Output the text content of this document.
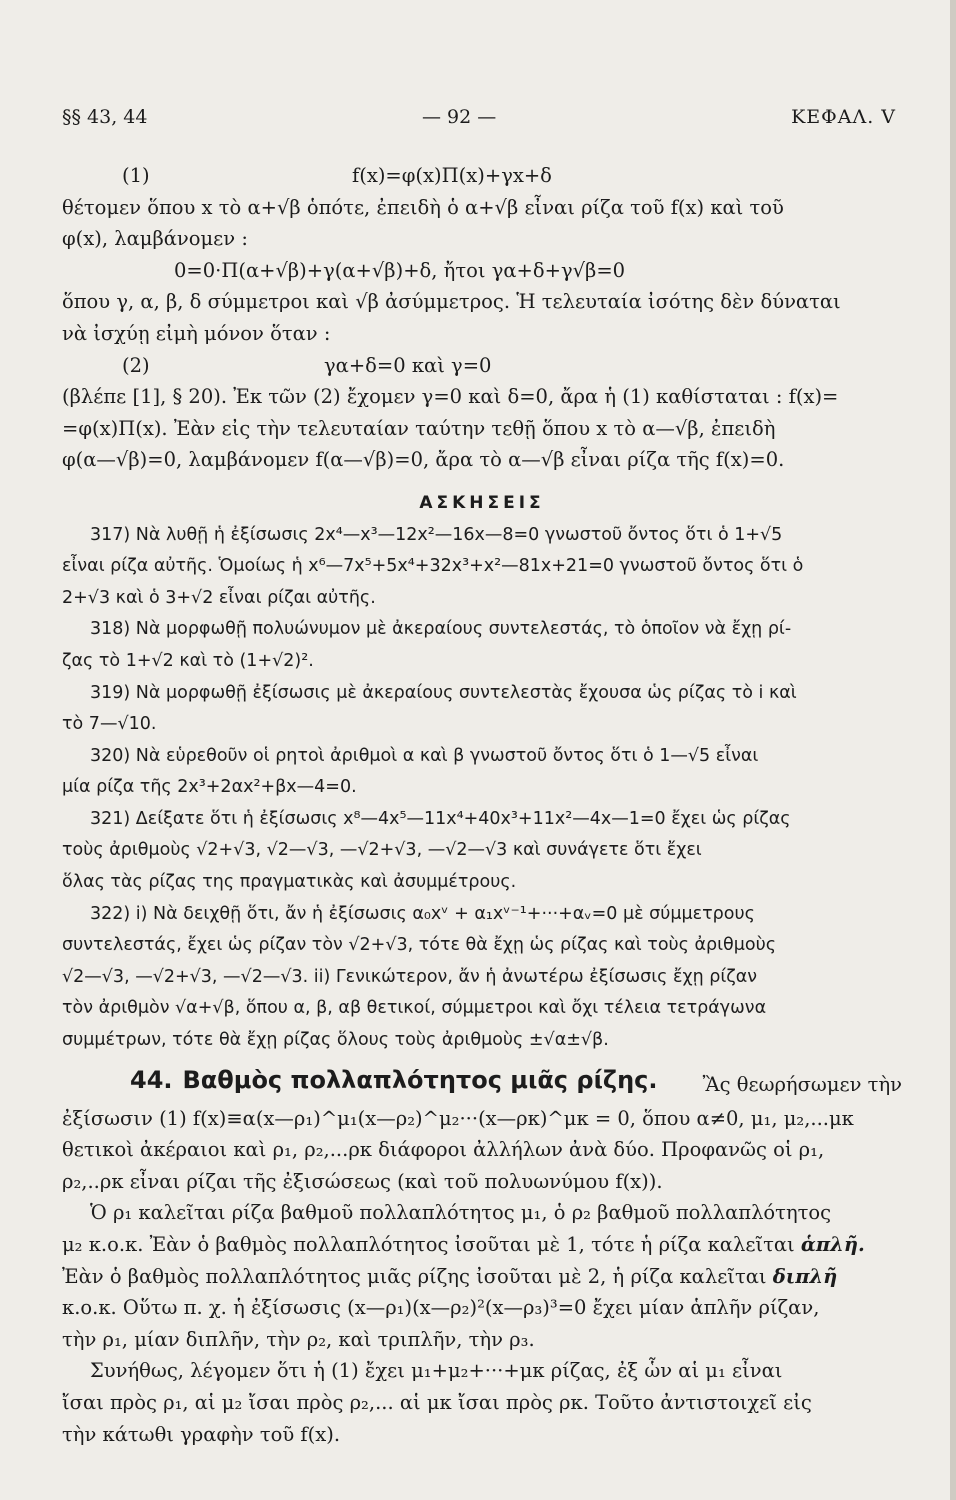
§§ 43, 44	— 92 —	ΚΕΦΑΛ. V
(1)	f(x)=φ(x)Π(x)+γx+δ
θέτομεν ὅπου x τὸ α+√β ὁπότε, ἐπειδὴ ὁ α+√β εἶναι ρίζα τοῦ f(x) καὶ τοῦ
φ(x), λαμβάνομεν :
0=0·Π(α+√β)+γ(α+√β)+δ, ἤτοι γα+δ+γ√β=0
ὅπου γ, α, β, δ σύμμετροι καὶ √β ἀσύμμετρος. Ἡ τελευταία ἰσότης δὲν δύναται
νὰ ἰσχύῃ εἰμὴ μόνον ὅταν :
(2)	γα+δ=0 καὶ γ=0
(βλέπε [1], § 20). Ἐκ τῶν (2) ἔχομεν γ=0 καὶ δ=0, ἄρα ἡ (1) καθίσταται : f(x)=
=φ(x)Π(x). Ἐὰν εἰς τὴν τελευταίαν ταύτην τεθῇ ὅπου x τὸ α—√β, ἐπειδὴ
φ(α—√β)=0, λαμβάνομεν f(α—√β)=0, ἄρα τὸ α—√β εἶναι ρίζα τῆς f(x)=0.
ΑΣΚΗΣΕΙΣ
317) Νὰ λυθῇ ἡ ἐξίσωσις 2x⁴—x³—12x²—16x—8=0 γνωστοῦ ὄντος ὅτι ὁ 1+√5
εἶναι ρίζα αὐτῆς. Ὁμοίως ἡ x⁶—7x⁵+5x⁴+32x³+x²—81x+21=0 γνωστοῦ ὄντος ὅτι ὁ
2+√3 καὶ ὁ 3+√2 εἶναι ρίζαι αὐτῆς.
318) Νὰ μορφωθῇ πολυώνυμον μὲ ἀκεραίους συντελεστάς, τὸ ὁποῖον νὰ ἔχῃ ρί-
ζας τὸ 1+√2 καὶ τὸ (1+√2)².
319) Νὰ μορφωθῇ ἐξίσωσις μὲ ἀκεραίους συντελεστὰς ἔχουσα ὡς ρίζας τὸ i καὶ
τὸ 7—√10.
320) Νὰ εὑρεθοῦν οἱ ρητοὶ ἀριθμοὶ α καὶ β γνωστοῦ ὄντος ὅτι ὁ 1—√5 εἶναι
μία ρίζα τῆς 2x³+2αx²+βx—4=0.
321) Δείξατε ὅτι ἡ ἐξίσωσις x⁸—4x⁵—11x⁴+40x³+11x²—4x—1=0 ἔχει ὡς ρίζας
τοὺς ἀριθμοὺς √2+√3, √2—√3, —√2+√3, —√2—√3 καὶ συνάγετε ὅτι ἔχει
ὅλας τὰς ρίζας της πραγματικὰς καὶ ἀσυμμέτρους.
322) i) Νὰ δειχθῇ ὅτι, ἄν ἡ ἐξίσωσις α₀xᵛ + α₁xᵛ⁻¹+···+αᵥ=0 μὲ σύμμετρους
συντελεστάς, ἔχει ὡς ρίζαν τὸν √2+√3, τότε θὰ ἔχῃ ὡς ρίζας καὶ τοὺς ἀριθμοὺς
√2—√3, —√2+√3, —√2—√3. ii) Γενικώτερον, ἄν ἡ ἀνωτέρω ἐξίσωσις ἔχῃ ρίζαν
τὸν ἀριθμὸν √α+√β, ὅπου α, β, αβ θετικοί, σύμμετροι καὶ ὄχι τέλεια τετράγωνα
συμμέτρων, τότε θὰ ἔχῃ ρίζας ὅλους τοὺς ἀριθμοὺς ±√α±√β.
44. Βαθμὸς πολλαπλότητος μιᾶς ρίζης. Ἂς θεωρήσωμεν τὴν
ἐξίσωσιν (1) f(x)≡α(x—ρ₁)^μ₁(x—ρ₂)^μ₂···(x—ρκ)^μκ = 0, ὅπου α≠0, μ₁, μ₂,...μκ
θετικοὶ ἀκέραιοι καὶ ρ₁, ρ₂,...ρκ διάφοροι ἀλλήλων ἀνὰ δύο. Προφανῶς οἱ ρ₁,
ρ₂,..ρκ εἶναι ρίζαι τῆς ἐξισώσεως (καὶ τοῦ πολυωνύμου f(x)).
Ὁ ρ₁ καλεῖται ρίζα βαθμοῦ πολλαπλότητος μ₁, ὁ ρ₂ βαθμοῦ πολλαπλότητος
μ₂ κ.ο.κ. Ἐὰν ὁ βαθμὸς πολλαπλότητος ἰσοῦται μὲ 1, τότε ἡ ρίζα καλεῖται ἁπλῆ.
Ἐὰν ὁ βαθμὸς πολλαπλότητος μιᾶς ρίζης ἰσοῦται μὲ 2, ἡ ρίζα καλεῖται διπλῆ
κ.ο.κ. Οὕτω π. χ. ἡ ἐξίσωσις (x—ρ₁)(x—ρ₂)²(x—ρ₃)³=0 ἔχει μίαν ἁπλῆν ρίζαν,
τὴν ρ₁, μίαν διπλῆν, τὴν ρ₂, καὶ τριπλῆν, τὴν ρ₃.
Συνήθως, λέγομεν ὅτι ἡ (1) ἔχει μ₁+μ₂+···+μκ ρίζας, ἐξ ὧν αἱ μ₁ εἶναι
ἴσαι πρὸς ρ₁, αἱ μ₂ ἴσαι πρὸς ρ₂,... αἱ μκ ἴσαι πρὸς ρκ. Τοῦτο ἀντιστοιχεῖ εἰς
τὴν κάτωθι γραφὴν τοῦ f(x).
